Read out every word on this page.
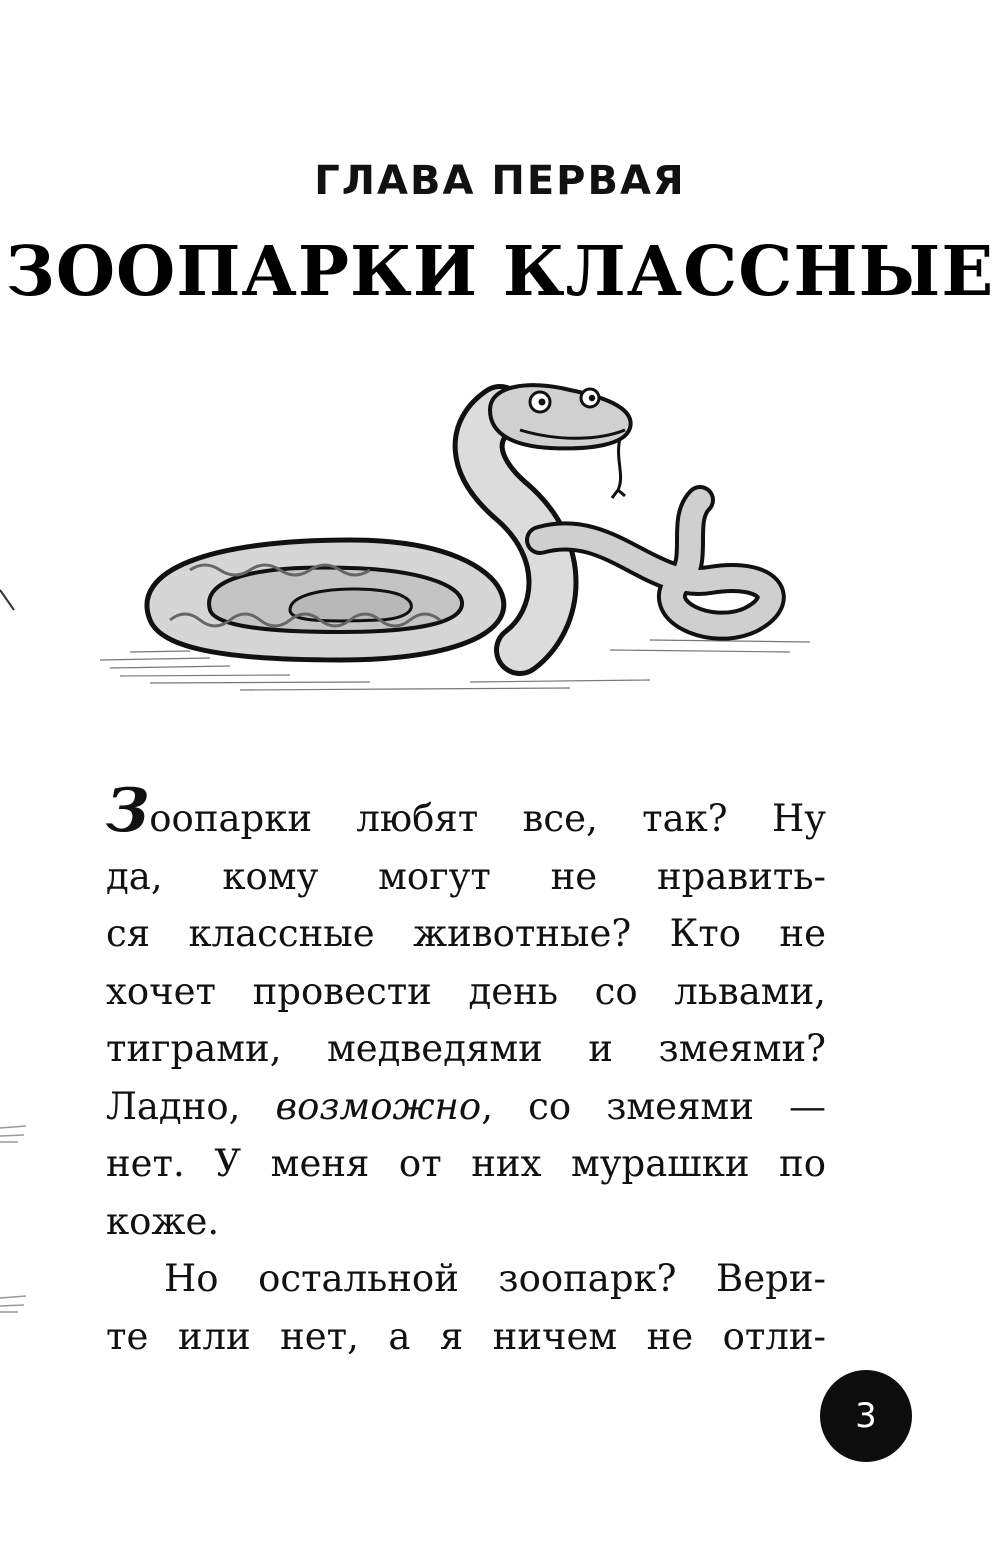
ГЛАВА ПЕРВАЯ
ЗООПАРКИ КЛАССНЫЕ
Зоопарки любят все, так? Ну
да, кому могут не нравить-
ся классные животные? Кто не
хочет провести день со львами,
тиграми, медведями и змеями?
Ладно, возможно, со змеями —
нет. У меня от них мурашки по
коже.
Но остальной зоопарк? Вери-
те или нет, а я ничем не отли-
3
